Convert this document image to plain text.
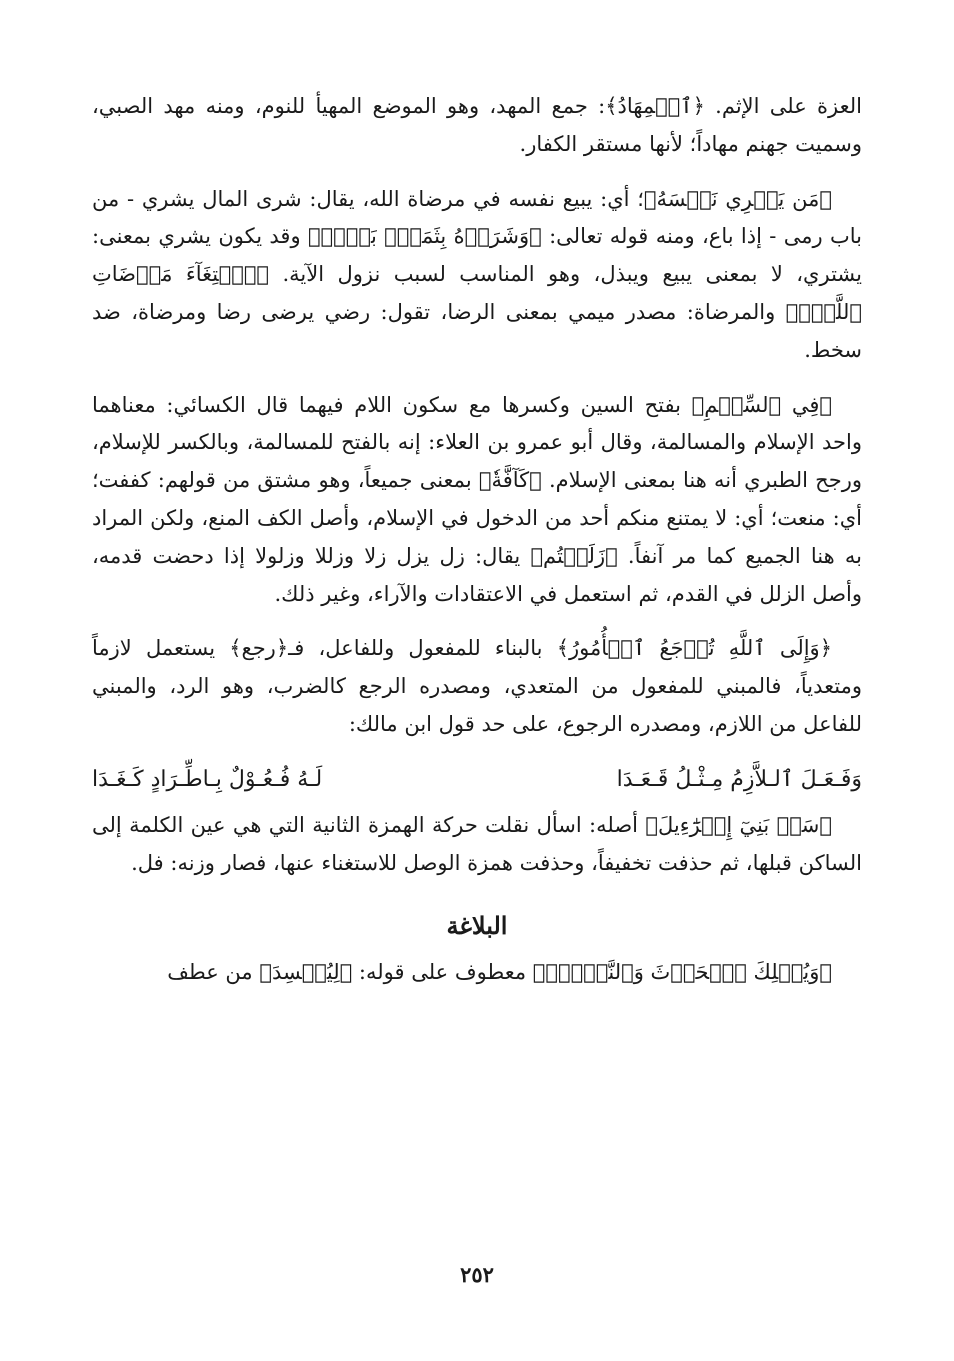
العزة على الإثم. ﴿ٱلۡمِهَادُ﴾: جمع المهد، وهو الموضع المهيأ للنوم، ومنه مهد الصبي، وسميت جهنم مهاداً؛ لأنها مستقر الكفار.

﴿مَن يَشۡرِي نَفۡسَهُ﴾؛ أي: يبيع نفسه في مرضاة الله، يقال: شرى المال يشري - من باب رمى - إذا باع، ومنه قوله تعالى: ﴿وَشَرَوۡهُ بِثَمَنِۢ بَخۡسٖ﴾ وقد يكون يشري بمعنى: يشتري، لا بمعنى يبيع ويبذل، وهو المناسب لسبب نزول الآية. ﴿ٱبۡتِغَآءَ مَرۡضَاتِ ٱللَّهِۚ﴾ والمرضاة: مصدر ميمي بمعنى الرضا، تقول: رضي يرضى رضا ومرضاة، ضد سخط.

﴿فِي ٱلسِّلۡمِ﴾ بفتح السين وكسرها مع سكون اللام فيهما قال الكسائي: معناهما واحد الإسلام والمسالمة، وقال أبو عمرو بن العلاء: إنه بالفتح للمسالمة، وبالكسر للإسلام، ورجح الطبري أنه هنا بمعنى الإسلام. ﴿كَآفَّةٗ﴾ بمعنى جميعاً، وهو مشتق من قولهم: كففت؛ أي: منعت؛ أي: لا يمتنع منكم أحد من الدخول في الإسلام، وأصل الكف المنع، ولكن المراد به هنا الجميع كما مر آنفاً. ﴿زَلَلۡتُم﴾ يقال: زل يزل زلا وزللا وزلولا إذا دحضت قدمه، وأصل الزلل في القدم، ثم استعمل في الاعتقادات والآراء، وغير ذلك.

﴿وَإِلَى ٱللَّهِ تُرۡجَعُ ٱلۡأُمُورُ﴾ بالبناء للمفعول وللفاعل، فـ﴿رجع﴾ يستعمل لازماً ومتعدياً، فالمبني للمفعول من المتعدي، ومصدره الرجع كالضرب، وهو الرد، والمبني للفاعل من اللازم، ومصدره الرجوع، على حد قول ابن مالك:

وَفَـعَـلَ ٱلـلاَّزِمُ مِـثْـلُ قَـعَـدَا
لَـهُ فُـعُـوْلٌ بِـاطِّـرَادٍ كَـغَـدَا

﴿سَلۡ بَنِيٓ إِسۡرَٰٓءِيلَ﴾ أصله: اسأل نقلت حركة الهمزة الثانية التي هي عين الكلمة إلى الساكن قبلها، ثم حذفت تخفيفاً، وحذفت همزة الوصل للاستغناء عنها، فصار وزنه: فل.

البلاغة

﴿وَيُهۡلِكَ ٱلۡحَرۡثَ وَٱلنَّسۡلَۚ﴾ معطوف على قوله: ﴿لِيُفۡسِدَ﴾ من عطف

٢٥٢
